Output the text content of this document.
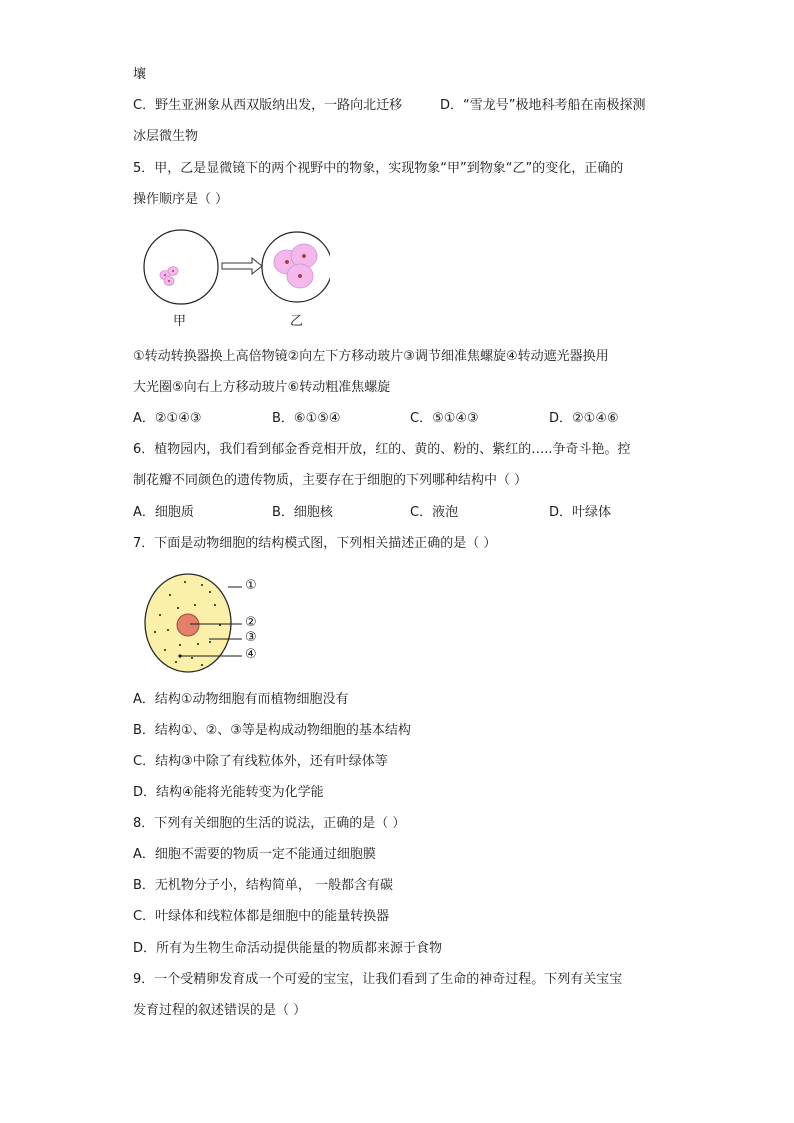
壤
C．野生亚洲象从西双版纳出发，一路向北迁移	D．“雪龙号”极地科考船在南极探测
冰层微生物
5．甲，乙是显微镜下的两个视野中的物象，实现物象“甲”到物象“乙”的变化，正确的
操作顺序是（ ）
甲	乙
①转动转换器换上高倍物镜②向左下方移动玻片③调节细准焦螺旋④转动遮光器换用
大光圈⑤向右上方移动玻片⑥转动粗准焦螺旋
A．②①④③	B．⑥①⑤④	C．⑤①④③	D．②①④⑥
6．植物园内，我们看到郁金香竞相开放，红的、黄的、粉的、紫红的…..争奇斗艳。控
制花瓣不同颜色的遗传物质，主要存在于细胞的下列哪种结构中（ ）
A．细胞质	B．细胞核	C．液泡	D．叶绿体
7．下面是动物细胞的结构模式图，下列相关描述正确的是（ ）
①
②
③
④
A．结构①动物细胞有而植物细胞没有
B．结构①、②、③等是构成动物细胞的基本结构
C．结构③中除了有线粒体外，还有叶绿体等
D．结构④能将光能转变为化学能
8．下列有关细胞的生活的说法，正确的是（ ）
A．细胞不需要的物质一定不能通过细胞膜
B．无机物分子小，结构简单， 一般都含有碳
C．叶绿体和线粒体都是细胞中的能量转换器
D．所有为生物生命活动提供能量的物质都来源于食物
9．一个受精卵发育成一个可爱的宝宝，让我们看到了生命的神奇过程。下列有关宝宝
发育过程的叙述错误的是（ ）
